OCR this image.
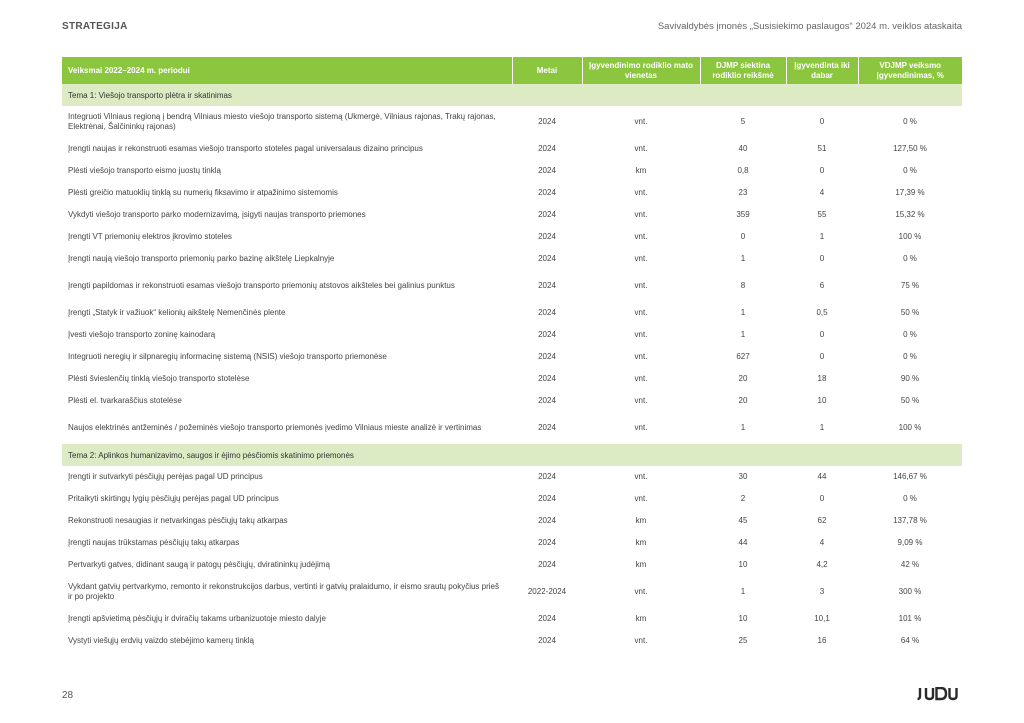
STRATEGIJA	Savivaldybės įmonės „Susisiekimo paslaugos“ 2024 m. veiklos ataskaita
Veiksmai 2022–2024 m. periodui	Metai	Įgyvendinimo rodiklio mato vienetas	DJMP siektina rodiklio reikšmė	Įgyvendinta iki dabar	VDJMP veiksmo įgyvendinimas, %
Tema 1: Viešojo transporto plėtra ir skatinimas					
Integruoti Vilniaus regioną į bendrą Vilniaus miesto viešojo transporto sistemą (Ukmergė, Vilniaus rajonas, Trakų rajonas, Elektrėnai, Šalčininkų rajonas)	2024	vnt.	5	0	0 %
Įrengti naujas ir rekonstruoti esamas viešojo transporto stoteles pagal universalaus dizaino principus	2024	vnt.	40	51	127,50 %
Plėsti viešojo transporto eismo juostų tinklą	2024	km	0,8	0	0 %
Plėsti greičio matuoklių tinklą su numerių fiksavimo ir atpažinimo sistemomis	2024	vnt.	23	4	17,39 %
Vykdyti viešojo transporto parko modernizavimą, įsigyti naujas transporto priemones	2024	vnt.	359	55	15,32 %
Įrengti VT priemonių elektros įkrovimo stoteles	2024	vnt.	0	1	100 %
Įrengti naują viešojo transporto priemonių parko bazinę aikštelę Liepkalnyje	2024	vnt.	1	0	0 %
Įrengti papildomas ir rekonstruoti esamas viešojo transporto priemonių atstovos aikšteles bei galinius punktus	2024	vnt.	8	6	75 %
Įrengti „Statyk ir važiuok“ kelionių aikštelę Nemenčinės plente	2024	vnt.	1	0,5	50 %
Įvesti viešojo transporto zoninę kainodarą	2024	vnt.	1	0	0 %
Integruoti neregių ir silpnaregių informacinę sistemą (NSIS) viešojo transporto priemonėse	2024	vnt.	627	0	0 %
Plėsti švieslenčių tinklą viešojo transporto stotelėse	2024	vnt.	20	18	90 %
Plėsti el. tvarkaraščius stotelėse	2024	vnt.	20	10	50 %
Naujos elektrinės antžeminės / požeminės viešojo transporto priemonės įvedimo Vilniaus mieste analizė ir vertinimas	2024	vnt.	1	1	100 %
Tema 2: Aplinkos humanizavimo, saugos ir ėjimo pėsčiomis skatinimo priemonės					
Įrengti ir sutvarkyti pėsčiųjų perėjas pagal UD principus	2024	vnt.	30	44	146,67 %
Pritaikyti skirtingų lygių pėsčiųjų perėjas pagal UD principus	2024	vnt.	2	0	0 %
Rekonstruoti nesaugias ir netvarkingas pėsčiųjų takų atkarpas	2024	km	45	62	137,78 %
Įrengti naujas trūkstamas pėsčiųjų takų atkarpas	2024	km	44	4	9,09 %
Pertvarkyti gatves, didinant saugą ir patogų pėsčiųjų, dviratininkų judėjimą	2024	km	10	4,2	42 %
Vykdant gatvių pertvarkymo, remonto ir rekonstrukcijos darbus, vertinti ir gatvių pralaidumo, ir eismo srautų pokyčius prieš ir po projekto	2022-2024	vnt.	1	3	300 %
Įrengti apšvietimą pėsčiųjų ir dviračių takams urbanizuotoje miesto dalyje	2024	km	10	10,1	101 %
Vystyti viešųjų erdvių vaizdo stebėjimo kamerų tinklą	2024	vnt.	25	16	64 %
28
